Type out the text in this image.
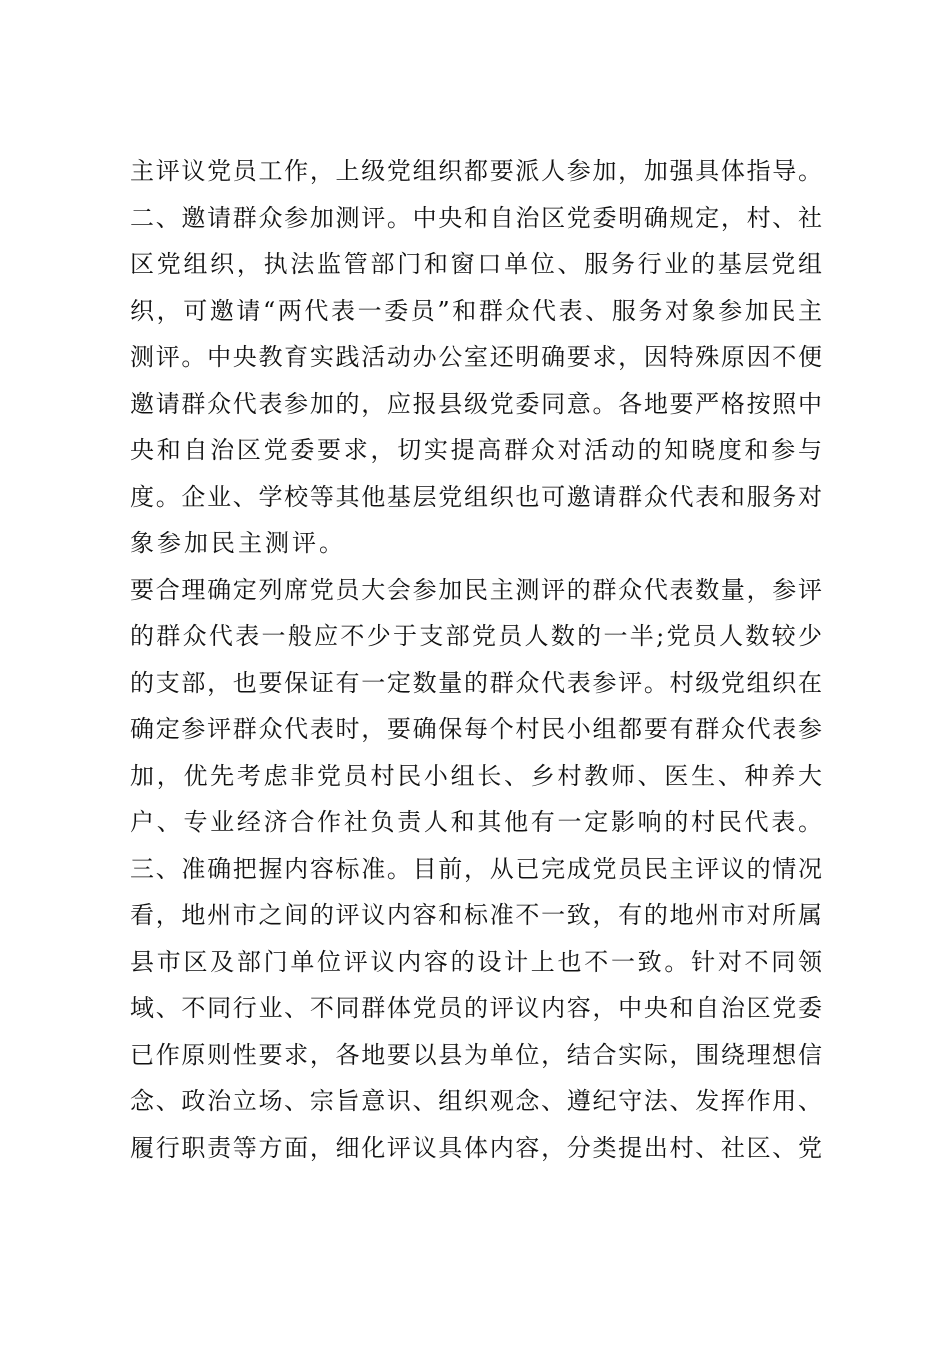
主评议党员工作，上级党组织都要派人参加，加强具体指导。
二、邀请群众参加测评。中央和自治区党委明确规定，村、社
区党组织，执法监管部门和窗口单位、服务行业的基层党组
织，可邀请“两代表一委员”和群众代表、服务对象参加民主
测评。中央教育实践活动办公室还明确要求，因特殊原因不便
邀请群众代表参加的，应报县级党委同意。各地要严格按照中
央和自治区党委要求，切实提高群众对活动的知晓度和参与
度。企业、学校等其他基层党组织也可邀请群众代表和服务对
象参加民主测评。
要合理确定列席党员大会参加民主测评的群众代表数量，参评
的群众代表一般应不少于支部党员人数的一半;党员人数较少
的支部，也要保证有一定数量的群众代表参评。村级党组织在
确定参评群众代表时，要确保每个村民小组都要有群众代表参
加，优先考虑非党员村民小组长、乡村教师、医生、种养大
户、专业经济合作社负责人和其他有一定影响的村民代表。
三、准确把握内容标准。目前，从已完成党员民主评议的情况
看，地州市之间的评议内容和标准不一致，有的地州市对所属
县市区及部门单位评议内容的设计上也不一致。针对不同领
域、不同行业、不同群体党员的评议内容，中央和自治区党委
已作原则性要求，各地要以县为单位，结合实际，围绕理想信
念、政治立场、宗旨意识、组织观念、遵纪守法、发挥作用、
履行职责等方面，细化评议具体内容，分类提出村、社区、党
